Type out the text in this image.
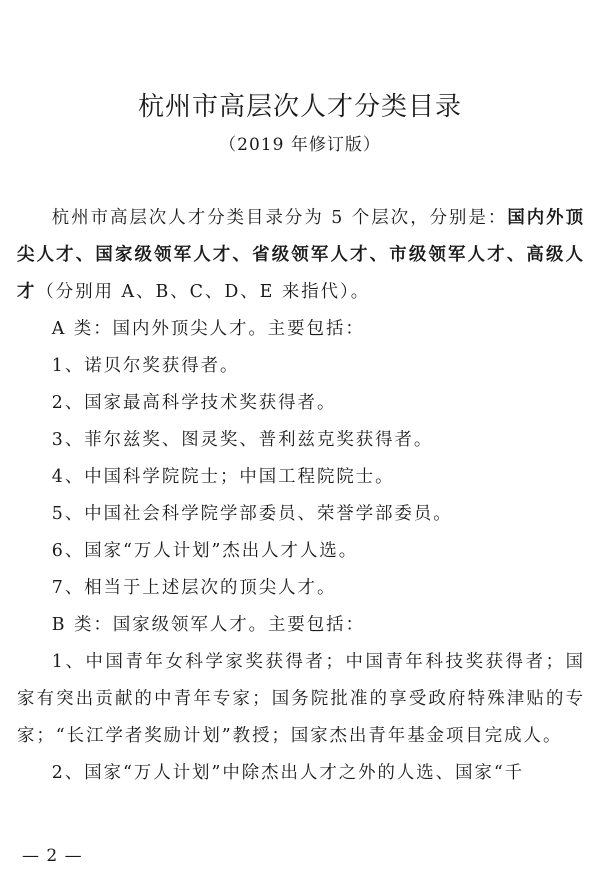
杭州市高层次人才分类目录

（2019 年修订版）

杭州市高层次人才分类目录分为 5 个层次，分别是：国内外顶尖人才、国家级领军人才、省级领军人才、市级领军人才、高级人才（分别用 A、B、C、D、E 来指代）。

A 类：国内外顶尖人才。主要包括：

1、诺贝尔奖获得者。

2、国家最高科学技术奖获得者。

3、菲尔兹奖、图灵奖、普利兹克奖获得者。

4、中国科学院院士；中国工程院院士。

5、中国社会科学院学部委员、荣誉学部委员。

6、国家“万人计划”杰出人才人选。

7、相当于上述层次的顶尖人才。

B 类：国家级领军人才。主要包括：

1、中国青年女科学家奖获得者；中国青年科技奖获得者；国家有突出贡献的中青年专家；国务院批准的享受政府特殊津贴的专家；“长江学者奖励计划”教授；国家杰出青年基金项目完成人。

2、国家“万人计划”中除杰出人才之外的人选、国家“千

— 2 —
